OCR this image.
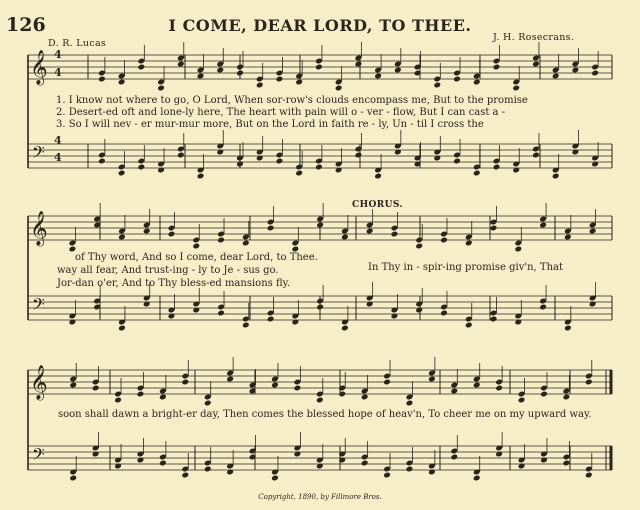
126	I COME, DEAR LORD, TO THEE.
D. R. Lucas
J. H. Rosecrans.
𝄞
𝄢
𝄞
𝄢
𝄞
𝄢
4
4
4
4
1. I know not where to go, O Lord, When sor-row's clouds encompass me, But to the promise
2. Desert-ed oft and lone-ly here, The heart with pain will o - ver - flow, But I can cast a -
3. So I will nev - er mur-mur more, But on the Lord in faith re - ly, Un - til I cross the
CHORUS.
of Thy word, And so I come, dear Lord, to Thee.
way all fear, And trust-ing - ly to Je - sus go.
Jor-dan o'er, And to Thy bless-ed mansions fly.
In Thy in - spir-ing promise giv'n, That
soon shall dawn a bright-er day, Then comes the blessed hope of heav'n, To cheer me on my upward way.
Copyright, 1890, by Fillmore Bros.
